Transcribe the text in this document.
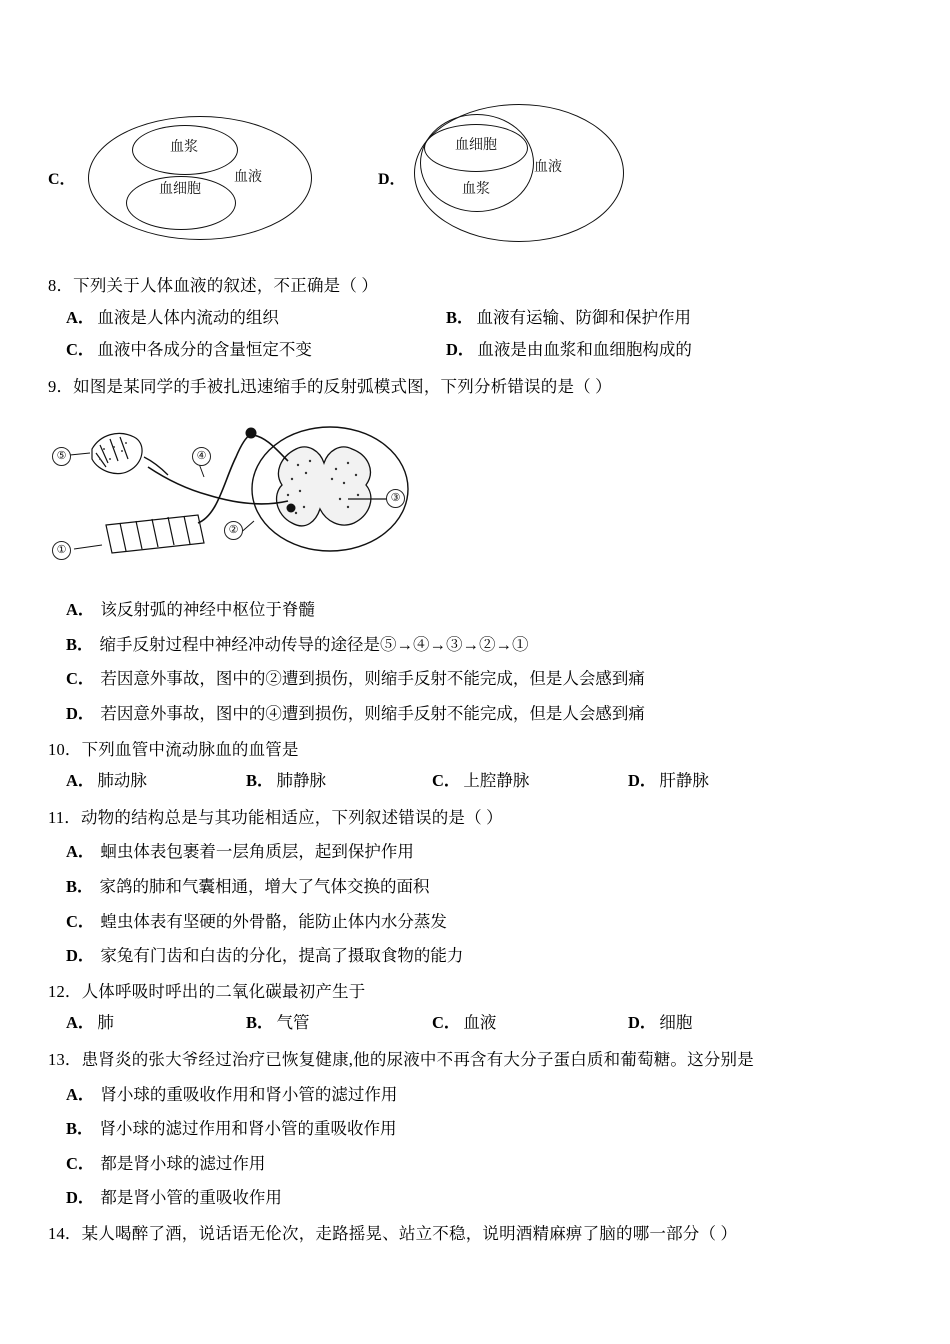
C．
血浆
血细胞
血液	D．
血细胞
血浆
血液
8．下列关于人体血液的叙述，不正确是（ ）
A． 血液是人体内流动的组织	B． 血液有运输、防御和保护作用
C． 血液中各成分的含量恒定不变	D． 血液是由血浆和血细胞构成的
9．如图是某同学的手被扎迅速缩手的反射弧模式图，下列分析错误的是（ ）
⑤	④
③
②
①
A． 该反射弧的神经中枢位于脊髓
B． 缩手反射过程中神经冲动传导的途径是⑤→④→③→②→①
C． 若因意外事故，图中的②遭到损伤，则缩手反射不能完成，但是人会感到痛
D． 若因意外事故，图中的④遭到损伤，则缩手反射不能完成，但是人会感到痛
10．下列血管中流动脉血的血管是
A． 肺动脉	B． 肺静脉	C． 上腔静脉	D． 肝静脉
11．动物的结构总是与其功能相适应，下列叙述错误的是（ ）
A． 蛔虫体表包裹着一层角质层，起到保护作用
B． 家鸽的肺和气囊相通，增大了气体交换的面积
C． 蝗虫体表有坚硬的外骨骼，能防止体内水分蒸发
D． 家兔有门齿和白齿的分化，提高了摄取食物的能力
12．人体呼吸时呼出的二氧化碳最初产生于
A． 肺	B． 气管	C． 血液	D． 细胞
13．患肾炎的张大爷经过治疗已恢复健康,他的尿液中不再含有大分子蛋白质和葡萄糖。这分别是
A． 肾小球的重吸收作用和肾小管的滤过作用
B． 肾小球的滤过作用和肾小管的重吸收作用
C． 都是肾小球的滤过作用
D． 都是肾小管的重吸收作用
14．某人喝醉了酒，说话语无伦次，走路摇晃、站立不稳，说明酒精麻痹了脑的哪一部分（ ）
